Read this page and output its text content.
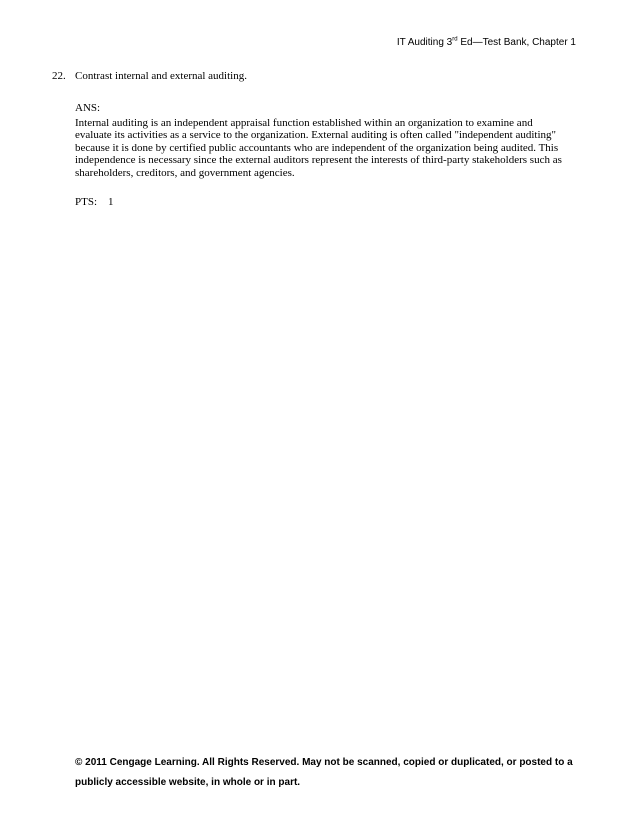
IT Auditing 3rd Ed—Test Bank, Chapter 1
22. Contrast internal and external auditing.
ANS:
Internal auditing is an independent appraisal function established within an organization to examine and evaluate its activities as a service to the organization. External auditing is often called "independent auditing" because it is done by certified public accountants who are independent of the organization being audited. This independence is necessary since the external auditors represent the interests of third-party stakeholders such as shareholders, creditors, and government agencies.
PTS: 1
© 2011 Cengage Learning. All Rights Reserved. May not be scanned, copied or duplicated, or posted to a publicly accessible website, in whole or in part.
